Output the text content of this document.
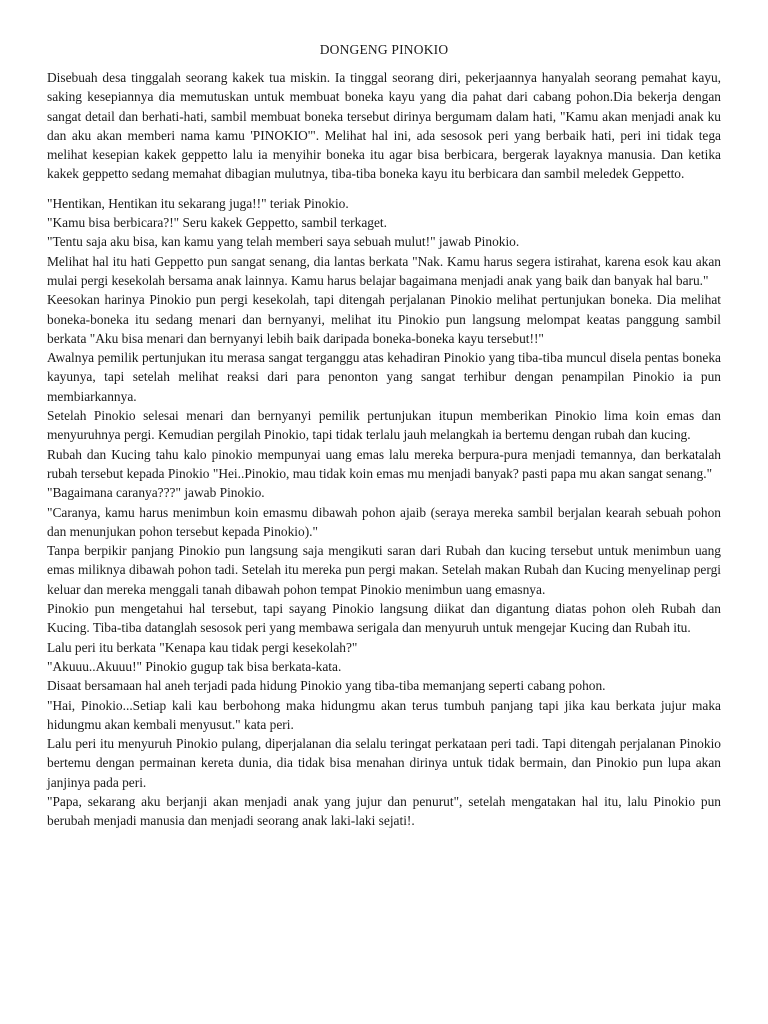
DONGENG PINOKIO

Disebuah desa tinggalah seorang kakek tua miskin. Ia tinggal seorang diri, pekerjaannya hanyalah seorang pemahat kayu, saking kesepiannya dia memutuskan untuk membuat boneka kayu yang dia pahat dari cabang pohon.Dia bekerja dengan sangat detail dan berhati-hati, sambil membuat boneka tersebut dirinya bergumam dalam hati, "Kamu akan menjadi anak ku dan aku akan memberi nama kamu 'PINOKIO'". Melihat hal ini, ada sesosok peri yang berbaik hati, peri ini tidak tega melihat kesepian kakek geppetto lalu ia menyihir boneka itu agar bisa berbicara, bergerak layaknya manusia. Dan ketika kakek geppetto sedang memahat dibagian mulutnya, tiba-tiba boneka kayu itu berbicara dan sambil meledek Geppetto.

"Hentikan, Hentikan itu sekarang juga!!" teriak Pinokio.

"Kamu bisa berbicara?!" Seru kakek Geppetto, sambil terkaget.

"Tentu saja aku bisa, kan kamu yang telah memberi saya sebuah mulut!" jawab Pinokio.

Melihat hal itu hati Geppetto pun sangat senang, dia lantas berkata "Nak. Kamu harus segera istirahat, karena esok kau akan mulai pergi kesekolah bersama anak lainnya. Kamu harus belajar bagaimana menjadi anak yang baik dan banyak hal baru."

Keesokan harinya Pinokio pun pergi kesekolah, tapi ditengah perjalanan Pinokio melihat pertunjukan boneka. Dia melihat boneka-boneka itu sedang menari dan bernyanyi, melihat itu Pinokio pun langsung melompat keatas panggung sambil berkata "Aku bisa menari dan bernyanyi lebih baik daripada boneka-boneka kayu tersebut!!"

Awalnya pemilik pertunjukan itu merasa sangat terganggu atas kehadiran Pinokio yang tiba-tiba muncul disela pentas boneka kayunya, tapi setelah melihat reaksi dari para penonton yang sangat terhibur dengan penampilan Pinokio ia pun membiarkannya.

Setelah Pinokio selesai menari dan bernyanyi pemilik pertunjukan itupun memberikan Pinokio lima koin emas dan menyuruhnya pergi. Kemudian pergilah Pinokio, tapi tidak terlalu jauh melangkah ia bertemu dengan rubah dan kucing.

Rubah dan Kucing tahu kalo pinokio mempunyai uang emas lalu mereka berpura-pura menjadi temannya, dan berkatalah rubah tersebut kepada Pinokio "Hei..Pinokio, mau tidak koin emas mu menjadi banyak? pasti papa mu akan sangat senang."

"Bagaimana caranya???" jawab Pinokio.

"Caranya, kamu harus menimbun koin emasmu dibawah pohon ajaib (seraya mereka sambil berjalan kearah sebuah pohon dan menunjukan pohon tersebut kepada Pinokio)."

Tanpa berpikir panjang Pinokio pun langsung saja mengikuti saran dari Rubah dan kucing tersebut untuk menimbun uang emas miliknya dibawah pohon tadi. Setelah itu mereka pun pergi makan. Setelah makan Rubah dan Kucing menyelinap pergi keluar dan mereka menggali tanah dibawah pohon tempat Pinokio menimbun uang emasnya.

Pinokio pun mengetahui hal tersebut, tapi sayang Pinokio langsung diikat dan digantung diatas pohon oleh Rubah dan Kucing. Tiba-tiba datanglah sesosok peri yang membawa serigala dan menyuruh untuk mengejar Kucing dan Rubah itu.

Lalu peri itu berkata "Kenapa kau tidak pergi kesekolah?"

"Akuuu..Akuuu!" Pinokio gugup tak bisa berkata-kata.

Disaat bersamaan hal aneh terjadi pada hidung Pinokio yang tiba-tiba memanjang seperti cabang pohon.

"Hai, Pinokio...Setiap kali kau berbohong maka hidungmu akan terus tumbuh panjang tapi jika kau berkata jujur maka hidungmu akan kembali menyusut." kata peri.

Lalu peri itu menyuruh Pinokio pulang, diperjalanan dia selalu teringat perkataan peri tadi. Tapi ditengah perjalanan Pinokio bertemu dengan permainan kereta dunia, dia tidak bisa menahan dirinya untuk tidak bermain, dan Pinokio pun lupa akan janjinya pada peri.

"Papa, sekarang aku berjanji akan menjadi anak yang jujur dan penurut", setelah mengatakan hal itu, lalu Pinokio pun berubah menjadi manusia dan menjadi seorang anak laki-laki sejati!.
